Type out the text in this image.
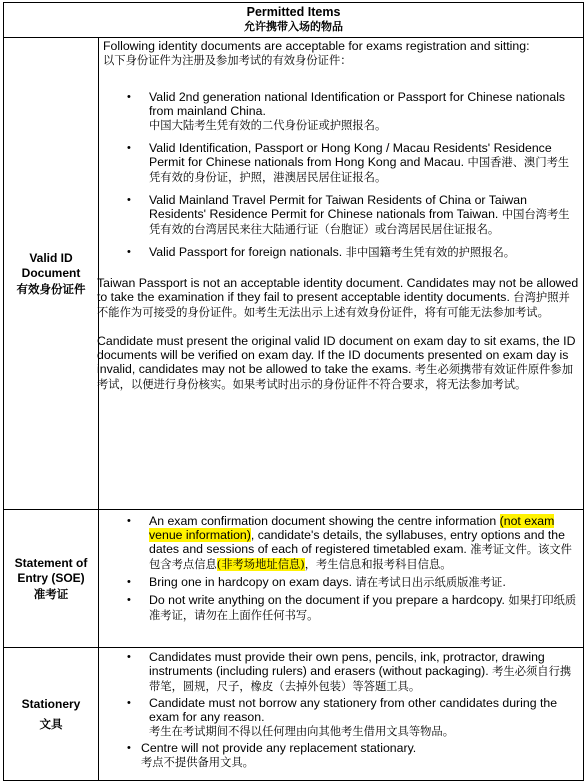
Permitted Items
允许携带入场的物品
Valid ID Document
有效身份证件

Following identity documents are acceptable for exams registration and sitting:
以下身份证件为注册及参加考试的有效身份证件：

• Valid 2nd generation national Identification or Passport for Chinese nationals from mainland China.
中国大陆考生凭有效的二代身份证或护照报名。
• Valid Identification, Passport or Hong Kong / Macau Residents' Residence Permit for Chinese nationals from Hong Kong and Macau. 中国香港、澳门考生凭有效的身份证，护照，港澳居民居住证报名。
• Valid Mainland Travel Permit for Taiwan Residents of China or Taiwan Residents' Residence Permit for Chinese nationals from Taiwan. 中国台湾考生凭有效的台湾居民来往大陆通行证（台胞证）或台湾居民居住证报名。
• Valid Passport for foreign nationals. 非中国籍考生凭有效的护照报名。

Taiwan Passport is not an acceptable identity document. Candidates may not be allowed to take the examination if they fail to present acceptable identity documents. 台湾护照并不能作为可接受的身份证件。如考生无法出示上述有效身份证件，将有可能无法参加考试。

Candidate must present the original valid ID document on exam day to sit exams, the ID documents will be verified on exam day. If the ID documents presented on exam day is invalid, candidates may not be allowed to take the exams. 考生必须携带有效证件原件参加考试，以便进行身份核实。如果考试时出示的身份证件不符合要求，将无法参加考试。

Statement of Entry (SOE)
准考证
• An exam confirmation document showing the centre information (not exam venue information), candidate's details, the syllabuses, entry options and the dates and sessions of each of registered timetabled exam. 准考证文件。该文件包含考点信息(非考场地址信息)，考生信息和报考科目信息。
• Bring one in hardcopy on exam days. 请在考试日出示纸质版准考证.
• Do not write anything on the document if you prepare a hardcopy. 如果打印纸质准考证，请勿在上面作任何书写。
Stationery
文具
• Candidates must provide their own pens, pencils, ink, protractor, drawing instruments (including rulers) and erasers (without packaging). 考生必须自行携带笔，圆规，尺子，橡皮（去掉外包装）等答题工具。
• Candidate must not borrow any stationery from other candidates during the exam for any reason.
考生在考试期间不得以任何理由向其他考生借用文具等物品。
• Centre will not provide any replacement stationary.
考点不提供备用文具。
